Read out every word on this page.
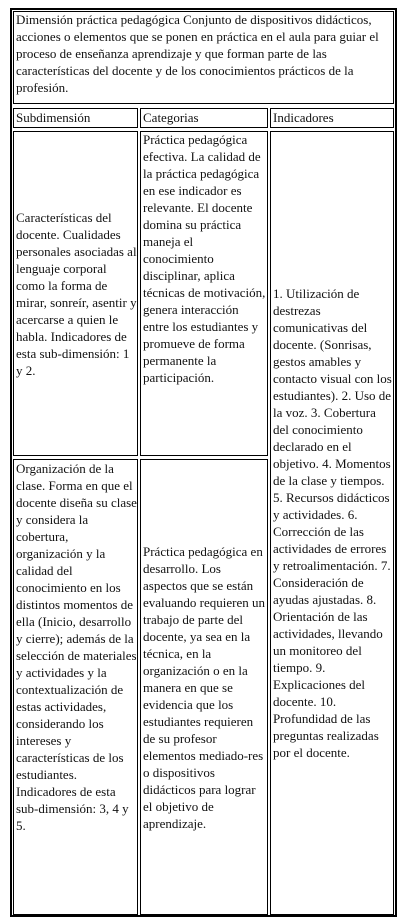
Dimensión práctica pedagógica Conjunto de dispositivos didácticos, acciones o elementos que se ponen en práctica en el aula para guiar el proceso de enseñanza aprendizaje y que forman parte de las características del docente y de los conocimientos prácticos de la profesión.
Subdimensión	Categorias	Indicadores
Características del docente. Cualidades personales asociadas al lenguaje corporal como la forma de mirar, sonreír, asentir y acercarse a quien le habla. Indicadores de esta sub-dimensión: 1 y 2.
Práctica pedagógica efectiva. La calidad de la práctica pedagógica en ese indicador es relevante. El docente domina su práctica maneja el conocimiento disciplinar, aplica técnicas de motivación, genera interacción entre los estudiantes y promueve de forma permanente la participación.
Organización de la clase. Forma en que el docente diseña su clase y considera la cobertura, organización y la calidad del conocimiento en los distintos momentos de ella (Inicio, desarrollo y cierre); además de la selección de materiales y actividades y la contextualización de estas actividades, considerando los intereses y características de los estudiantes. Indicadores de esta sub-dimensión: 3, 4 y 5.
Práctica pedagógica en desarrollo. Los aspectos que se están evaluando requieren un trabajo de parte del docente, ya sea en la técnica, en la organización o en la manera en que se evidencia que los estudiantes requieren de su profesor elementos mediado-res o dispositivos didácticos para lograr el objetivo de aprendizaje.
1. Utilización de destrezas comunicativas del docente. (Sonrisas, gestos amables y contacto visual con los estudiantes). 2. Uso de la voz. 3. Cobertura del conocimiento declarado en el objetivo. 4. Momentos de la clase y tiempos. 5. Recursos didácticos y actividades. 6. Corrección de las actividades de errores y retroalimentación. 7. Consideración de ayudas ajustadas. 8. Orientación de las actividades, llevando un monitoreo del tiempo. 9. Explicaciones del docente. 10. Profundidad de las preguntas realizadas por el docente.
